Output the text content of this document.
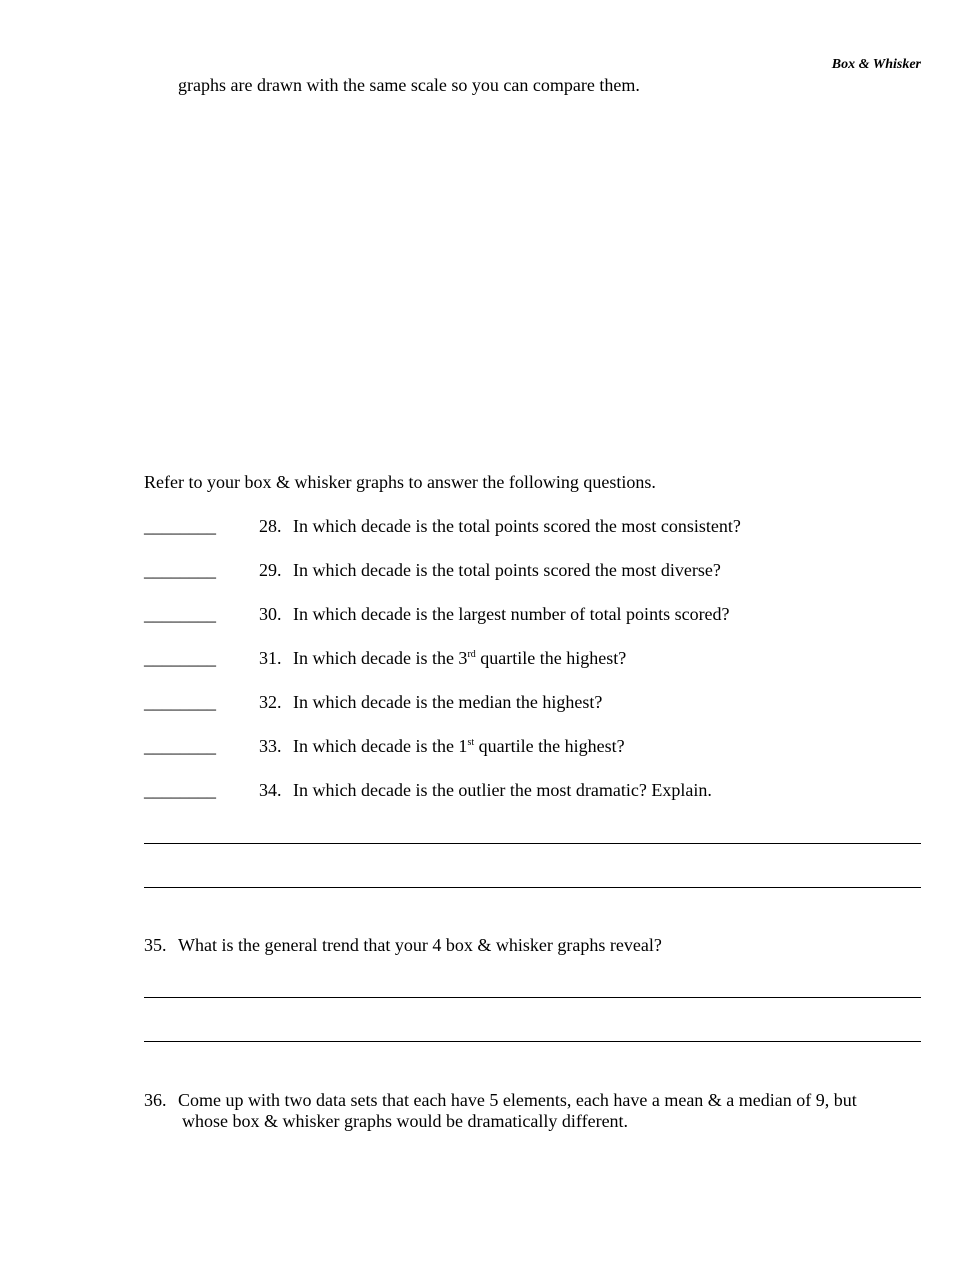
Box & Whisker
graphs are drawn with the same scale so you can compare them.
Refer to your box & whisker graphs to answer the following questions.
________ 28. In which decade is the total points scored the most consistent?
________ 29. In which decade is the total points scored the most diverse?
________ 30. In which decade is the largest number of total points scored?
________ 31. In which decade is the 3rd quartile the highest?
________ 32. In which decade is the median the highest?
________ 33. In which decade is the 1st quartile the highest?
________ 34. In which decade is the outlier the most dramatic? Explain.
35. What is the general trend that your 4 box & whisker graphs reveal?
36. Come up with two data sets that each have 5 elements, each have a mean & a median of 9, but
whose box & whisker graphs would be dramatically different.
